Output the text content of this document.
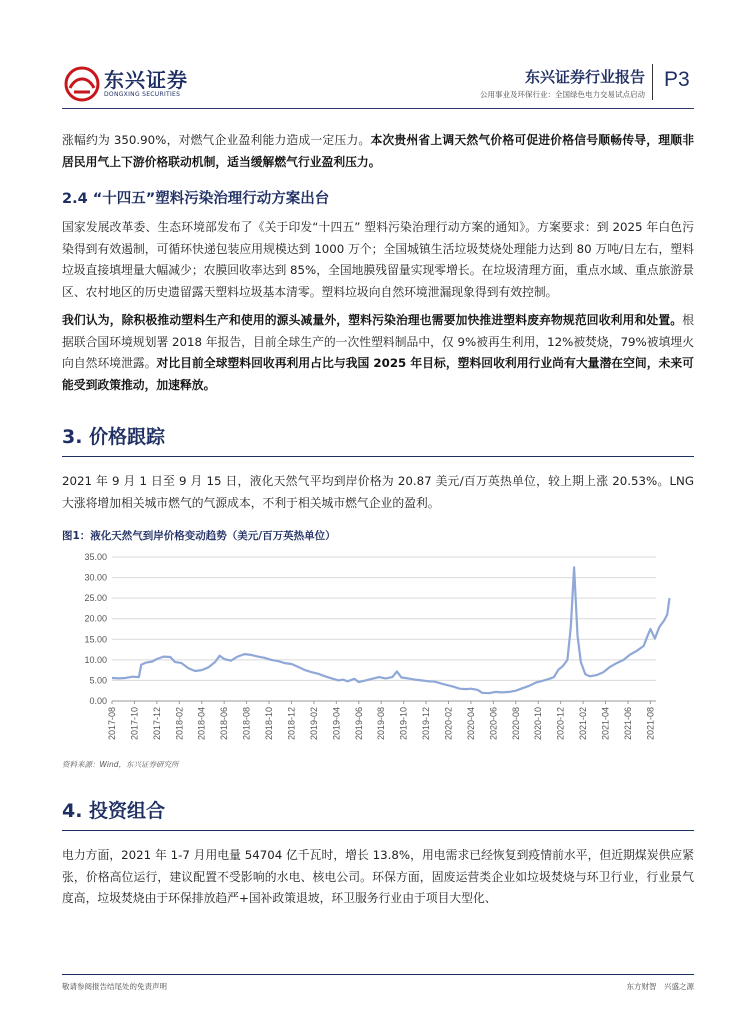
东兴证券
DONGXING SECURITIES
东兴证券行业报告
公用事业及环保行业：全国绿色电力交易试点启动
P3

涨幅约为 350.90%，对燃气企业盈利能力造成一定压力。本次贵州省上调天然气价格可促进价格信号顺畅传导，理顺非居民用气上下游价格联动机制，适当缓解燃气行业盈利压力。

2.4 “十四五”塑料污染治理行动方案出台

国家发展改革委、生态环境部发布了《关于印发“十四五” 塑料污染治理行动方案的通知》。方案要求：到 2025 年白色污染得到有效遏制，可循环快递包装应用规模达到 1000 万个；全国城镇生活垃圾焚烧处理能力达到 80 万吨/日左右，塑料垃圾直接填埋量大幅减少；农膜回收率达到 85%，全国地膜残留量实现零增长。在垃圾清理方面，重点水域、重点旅游景区、农村地区的历史遗留露天塑料垃圾基本清零。塑料垃圾向自然环境泄漏现象得到有效控制。

我们认为，除积极推动塑料生产和使用的源头减量外，塑料污染治理也需要加快推进塑料废弃物规范回收利用和处置。根据联合国环境规划署 2018 年报告，目前全球生产的一次性塑料制品中，仅 9%被再生利用，12%被焚烧，79%被填埋火向自然环境泄露。对比目前全球塑料回收再利用占比与我国 2025 年目标，塑料回收利用行业尚有大量潜在空间，未来可能受到政策推动，加速释放。

3. 价格跟踪

2021 年 9 月 1 日至 9 月 15 日，液化天然气平均到岸价格为 20.87 美元/百万英热单位，较上期上涨 20.53%。LNG 大涨将增加相关城市燃气的气源成本，不利于相关城市燃气企业的盈利。

图1：液化天然气到岸价格变动趋势（美元/百万英热单位）
0.00
5.00
10.00
15.00
20.00
25.00
30.00
35.00
2017-08 2017-10 2017-12 2018-02 2018-04 2018-06 2018-08 2018-10 2018-12 2019-02 2019-04 2019-06 2019-08 2019-10 2019-12 2020-02 2020-04 2020-06 2020-08 2020-10 2020-12 2021-02 2021-04 2021-06 2021-08

资料来源：Wind，东兴证券研究所

4. 投资组合

电力方面，2021 年 1-7 月用电量 54704 亿千瓦时，增长 13.8%，用电需求已经恢复到疫情前水平，但近期煤炭供应紧张，价格高位运行，建议配置不受影响的水电、核电公司。环保方面，固废运营类企业如垃圾焚烧与环卫行业，行业景气度高，垃圾焚烧由于环保排放趋严+国补政策退坡，环卫服务行业由于项目大型化、

敬请参阅报告结尾处的免责声明	东方财智　兴盛之源
